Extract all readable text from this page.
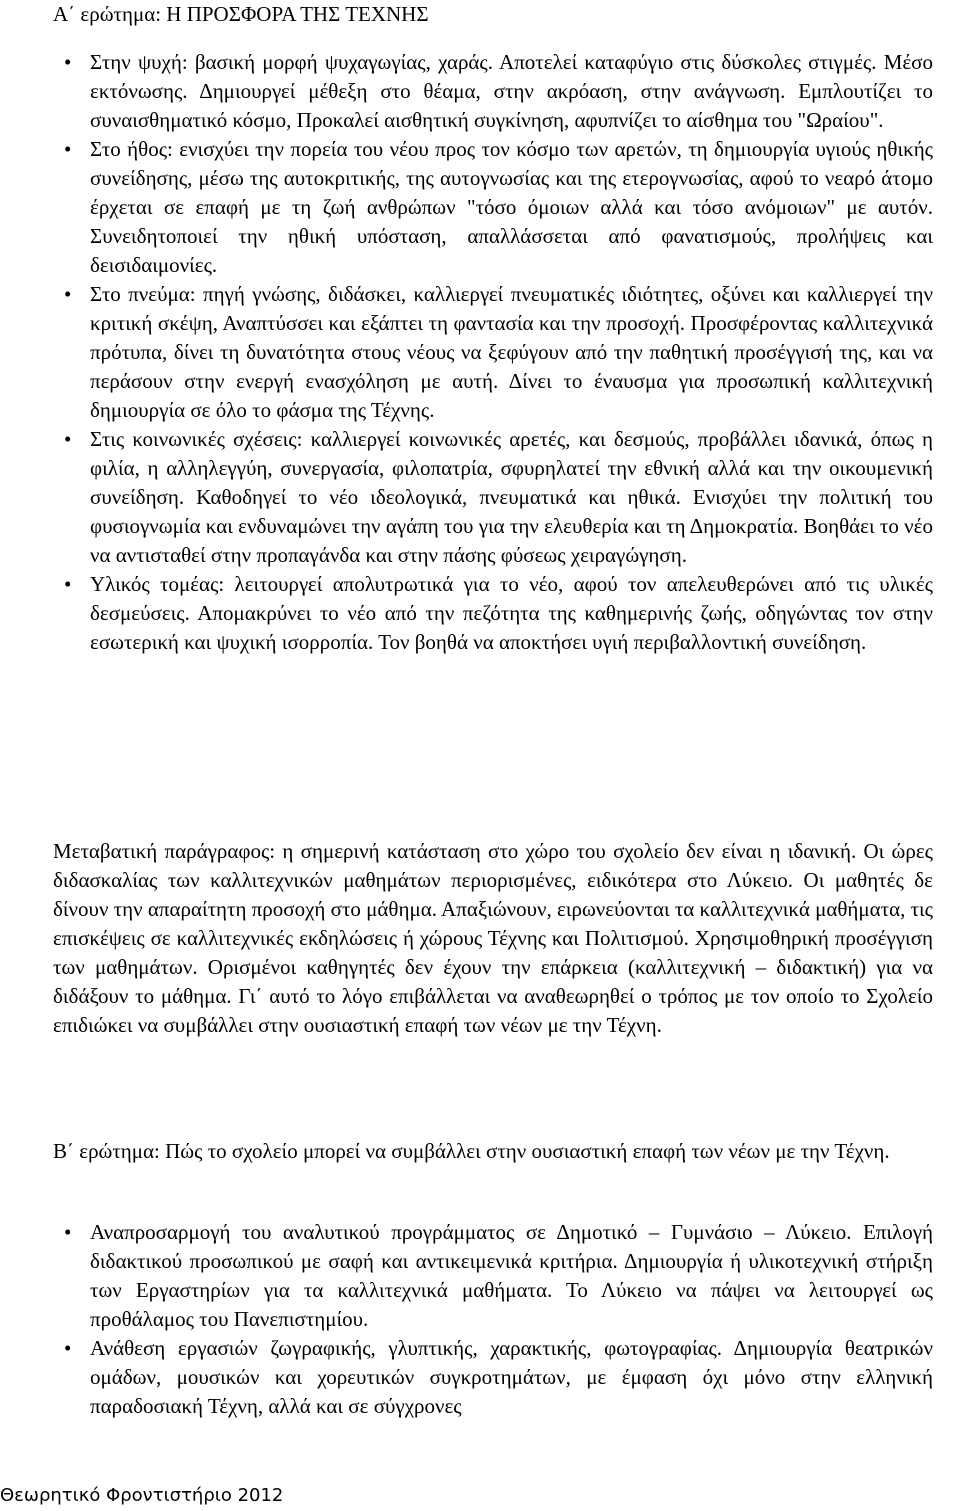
Α΄ ερώτημα: Η ΠΡΟΣΦΟΡΑ ΤΗΣ ΤΕΧΝΗΣ
• Στην ψυχή: βασική μορφή ψυχαγωγίας, χαράς. Αποτελεί καταφύγιο στις δύσκολες στιγμές. Μέσο εκτόνωσης. Δημιουργεί μέθεξη στο θέαμα, στην ακρόαση, στην ανάγνωση. Εμπλουτίζει το συναισθηματικό κόσμο, Προκαλεί αισθητική συγκίνηση, αφυπνίζει το αίσθημα του "Ωραίου".
• Στο ήθος: ενισχύει την πορεία του νέου προς τον κόσμο των αρετών, τη δημιουργία υγιούς ηθικής συνείδησης, μέσω της αυτοκριτικής, της αυτογνωσίας και της ετερογνωσίας, αφού το νεαρό άτομο έρχεται σε επαφή με τη ζωή ανθρώπων "τόσο όμοιων αλλά και τόσο ανόμοιων" με αυτόν. Συνειδητοποιεί την ηθική υπόσταση, απαλλάσσεται από φανατισμούς, προλήψεις και δεισιδαιμονίες.
• Στο πνεύμα: πηγή γνώσης, διδάσκει, καλλιεργεί πνευματικές ιδιότητες, οξύνει και καλλιεργεί την κριτική σκέψη, Αναπτύσσει και εξάπτει τη φαντασία και την προσοχή. Προσφέροντας καλλιτεχνικά πρότυπα, δίνει τη δυνατότητα στους νέους να ξεφύγουν από την παθητική προσέγγισή της, και να περάσουν στην ενεργή ενασχόληση με αυτή. Δίνει το έναυσμα για προσωπική καλλιτεχνική δημιουργία σε όλο το φάσμα της Τέχνης.
• Στις κοινωνικές σχέσεις: καλλιεργεί κοινωνικές αρετές, και δεσμούς, προβάλλει ιδανικά, όπως η φιλία, η αλληλεγγύη, συνεργασία, φιλοπατρία, σφυρηλατεί την εθνική αλλά και την οικουμενική συνείδηση. Καθοδηγεί το νέο ιδεολογικά, πνευματικά και ηθικά. Ενισχύει την πολιτική του φυσιογνωμία και ενδυναμώνει την αγάπη του για την ελευθερία και τη Δημοκρατία. Βοηθάει το νέο να αντισταθεί στην προπαγάνδα και στην πάσης φύσεως χειραγώγηση.
• Υλικός τομέας: λειτουργεί απολυτρωτικά για το νέο, αφού τον απελευθερώνει από τις υλικές δεσμεύσεις. Απομακρύνει το νέο από την πεζότητα της καθημερινής ζωής, οδηγώντας τον στην εσωτερική και ψυχική ισορροπία. Τον βοηθά να αποκτήσει υγιή περιβαλλοντική συνείδηση.

Μεταβατική παράγραφος: η σημερινή κατάσταση στο χώρο του σχολείο δεν είναι η ιδανική. Οι ώρες διδασκαλίας των καλλιτεχνικών μαθημάτων περιορισμένες, ειδικότερα στο Λύκειο. Οι μαθητές δε δίνουν την απαραίτητη προσοχή στο μάθημα. Απαξιώνουν, ειρωνεύονται τα καλλιτεχνικά μαθήματα, τις επισκέψεις σε καλλιτεχνικές εκδηλώσεις ή χώρους Τέχνης και Πολιτισμού. Χρησιμοθηρική προσέγγιση των μαθημάτων. Ορισμένοι καθηγητές δεν έχουν την επάρκεια (καλλιτεχνική – διδακτική) για να διδάξουν το μάθημα. Γι΄ αυτό το λόγο επιβάλλεται να αναθεωρηθεί ο τρόπος με τον οποίο το Σχολείο επιδιώκει να συμβάλλει στην ουσιαστική επαφή των νέων με την Τέχνη.

Β΄ ερώτημα: Πώς το σχολείο μπορεί να συμβάλλει στην ουσιαστική επαφή των νέων με την Τέχνη.

• Αναπροσαρμογή του αναλυτικού προγράμματος σε Δημοτικό – Γυμνάσιο – Λύκειο. Επιλογή διδακτικού προσωπικού με σαφή και αντικειμενικά κριτήρια. Δημιουργία ή υλικοτεχνική στήριξη των Εργαστηρίων για τα καλλιτεχνικά μαθήματα. Το Λύκειο να πάψει να λειτουργεί ως προθάλαμος του Πανεπιστημίου.
• Ανάθεση εργασιών ζωγραφικής, γλυπτικής, χαρακτικής, φωτογραφίας. Δημιουργία θεατρικών ομάδων, μουσικών και χορευτικών συγκροτημάτων, με έμφαση όχι μόνο στην ελληνική παραδοσιακή Τέχνη, αλλά και σε σύγχρονες
Θεωρητικό Φροντιστήριο 2012
